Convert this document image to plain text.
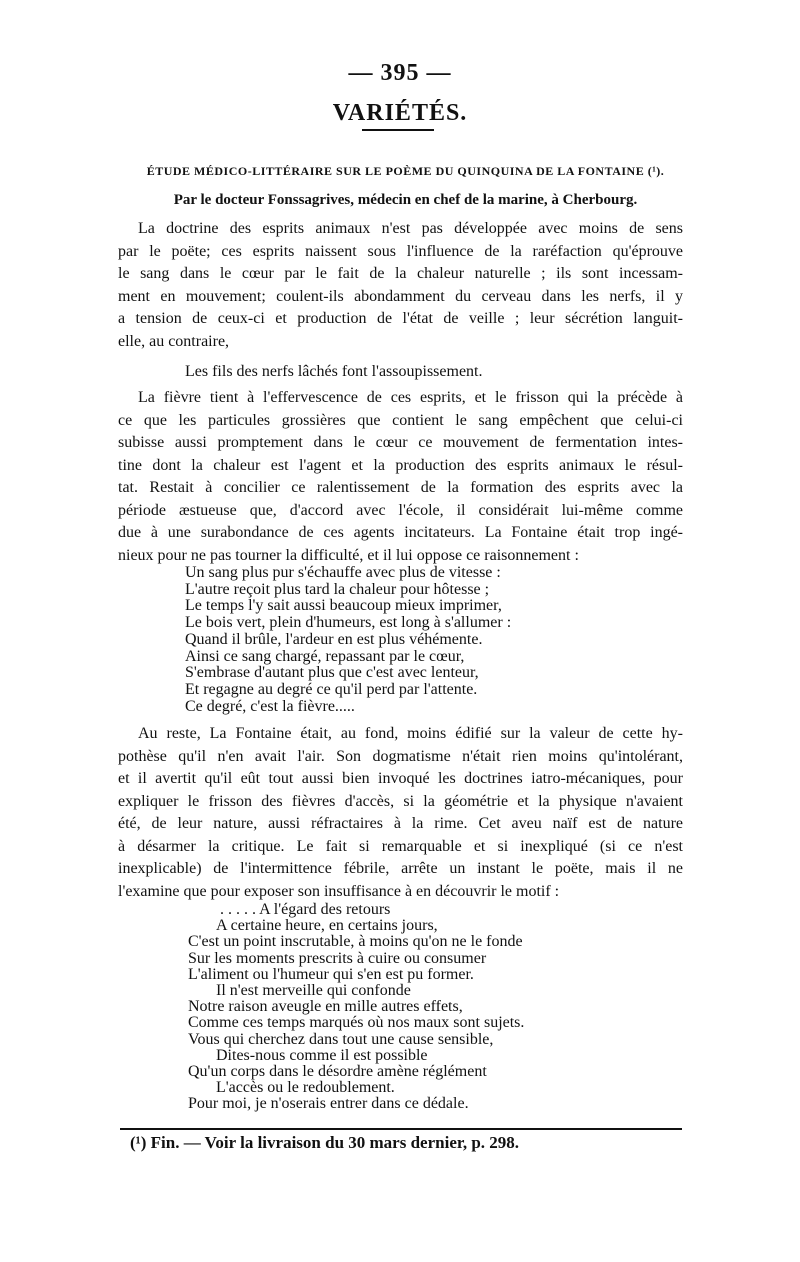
— 395 —
VARIÉTÉS.
ÉTUDE MÉDICO-LITTÉRAIRE SUR LE POÈME DU QUINQUINA DE LA FONTAINE (¹).
Par le docteur Fonssagrives, médecin en chef de la marine, à Cherbourg.
La doctrine des esprits animaux n'est pas développée avec moins de sens
par le poëte; ces esprits naissent sous l'influence de la raréfaction qu'éprouve
le sang dans le cœur par le fait de la chaleur naturelle ; ils sont incessam-
ment en mouvement; coulent-ils abondamment du cerveau dans les nerfs, il y
a tension de ceux-ci et production de l'état de veille ; leur sécrétion languit-
elle, au contraire,
Les fils des nerfs lâchés font l'assoupissement.
La fièvre tient à l'effervescence de ces esprits, et le frisson qui la précède à
ce que les particules grossières que contient le sang empêchent que celui-ci
subisse aussi promptement dans le cœur ce mouvement de fermentation intes-
tine dont la chaleur est l'agent et la production des esprits animaux le résul-
tat. Restait à concilier ce ralentissement de la formation des esprits avec la
période æstueuse que, d'accord avec l'école, il considérait lui-même comme
due à une surabondance de ces agents incitateurs. La Fontaine était trop ingé-
nieux pour ne pas tourner la difficulté, et il lui oppose ce raisonnement :
Un sang plus pur s'échauffe avec plus de vitesse :
L'autre reçoit plus tard la chaleur pour hôtesse ;
Le temps l'y sait aussi beaucoup mieux imprimer,
Le bois vert, plein d'humeurs, est long à s'allumer :
Quand il brûle, l'ardeur en est plus véhémente.
Ainsi ce sang chargé, repassant par le cœur,
S'embrase d'autant plus que c'est avec lenteur,
Et regagne au degré ce qu'il perd par l'attente.
Ce degré, c'est la fièvre.....
Au reste, La Fontaine était, au fond, moins édifié sur la valeur de cette hy-
pothèse qu'il n'en avait l'air. Son dogmatisme n'était rien moins qu'intolérant,
et il avertit qu'il eût tout aussi bien invoqué les doctrines iatro-mécaniques, pour
expliquer le frisson des fièvres d'accès, si la géométrie et la physique n'avaient
été, de leur nature, aussi réfractaires à la rime. Cet aveu naïf est de nature
à désarmer la critique. Le fait si remarquable et si inexpliqué (si ce n'est
inexplicable) de l'intermittence fébrile, arrête un instant le poëte, mais il ne
l'examine que pour exposer son insuffisance à en découvrir le motif :
. . . . . A l'égard des retours
A certaine heure, en certains jours,
C'est un point inscrutable, à moins qu'on ne le fonde
Sur les moments prescrits à cuire ou consumer
L'aliment ou l'humeur qui s'en est pu former.
Il n'est merveille qui confonde
Notre raison aveugle en mille autres effets,
Comme ces temps marqués où nos maux sont sujets.
Vous qui cherchez dans tout une cause sensible,
Dites-nous comme il est possible
Qu'un corps dans le désordre amène réglément
L'accès ou le redoublement.
Pour moi, je n'oserais entrer dans ce dédale.
(¹) Fin. — Voir la livraison du 30 mars dernier, p. 298.
